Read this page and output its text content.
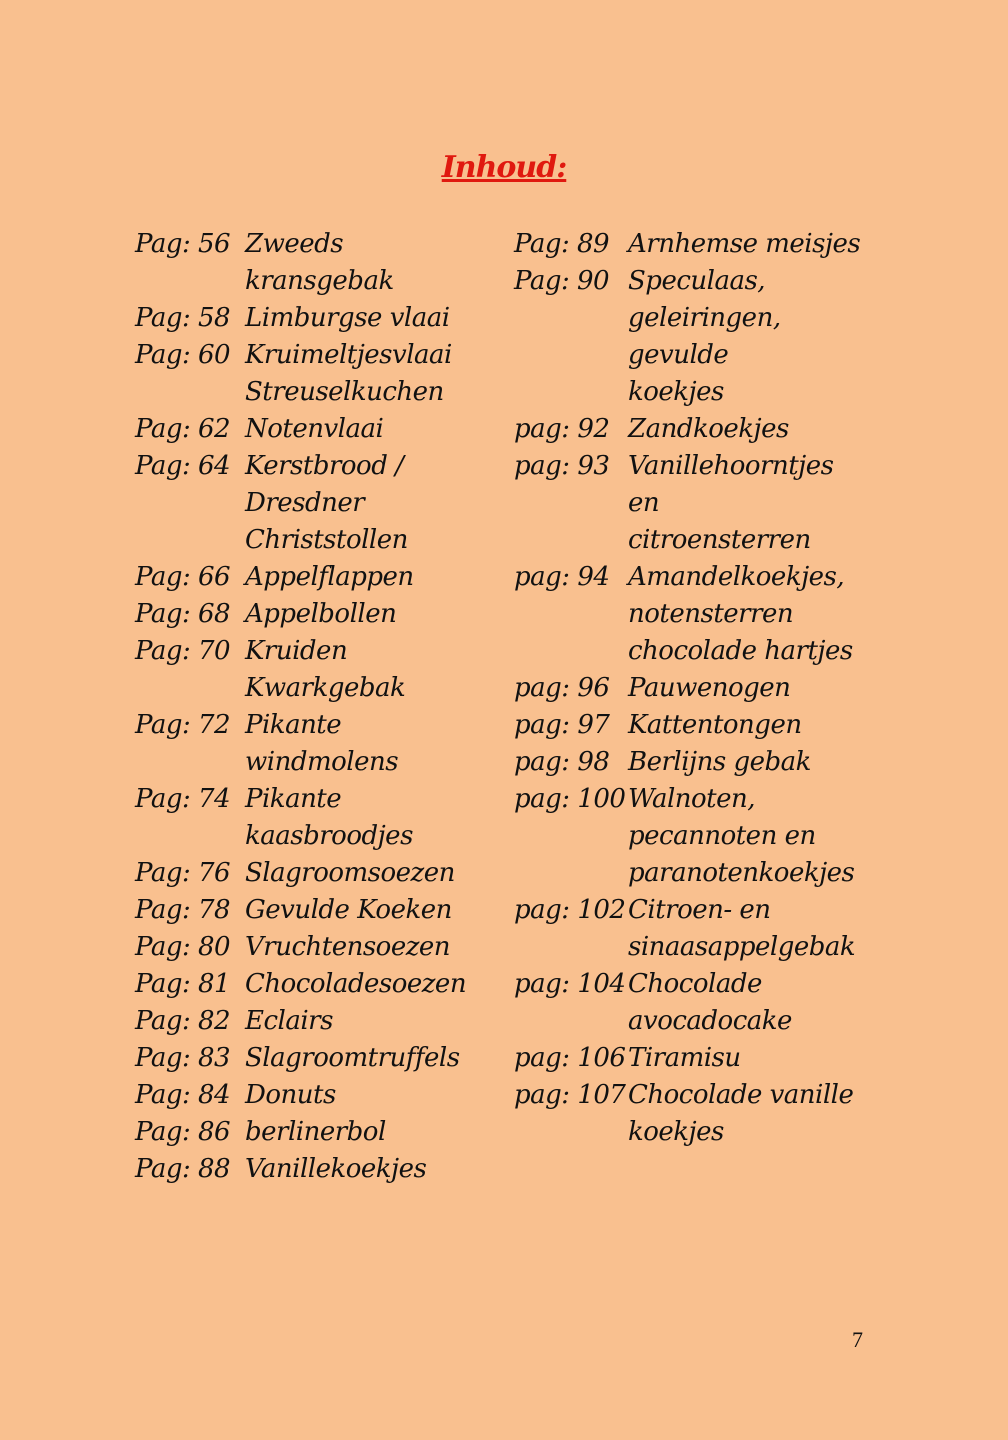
Inhoud:
Pag: 56 Zweeds kransgebak
Pag: 58 Limburgse vlaai
Pag: 60 Kruimeltjesvlaai
Streuselkuchen
Pag: 62 Notenvlaai
Pag: 64 Kerstbrood /
Dresdner
Christstollen
Pag: 66 Appelflappen
Pag: 68 Appelbollen
Pag: 70 Kruiden
Kwarkgebak
Pag: 72 Pikante windmolens
Pag: 74 Pikante
kaasbroodjes
Pag: 76 Slagroomsoezen
Pag: 78 Gevulde Koeken
Pag: 80 Vruchtensoezen
Pag: 81 Chocoladesoezen
Pag: 82 Eclairs
Pag: 83 Slagroomtruffels
Pag: 84 Donuts
Pag: 86 berlinerbol
Pag: 88 Vanillekoekjes
Pag: 89 Arnhemse meisjes
Pag: 90 Speculaas,
geleiringen, gevulde
koekjes
pag: 92 Zandkoekjes
pag: 93 Vanillehoorntjes en
citroensterren
pag: 94 Amandelkoekjes,
notensterren
chocolade hartjes
pag: 96 Pauwenogen
pag: 97 Kattentongen
pag: 98 Berlijns gebak
pag: 100 Walnoten,
pecannoten en
paranotenkoekjes
pag: 102 Citroen- en
sinaasappelgebak
pag: 104 Chocolade
avocadocake
pag: 106 Tiramisu
pag: 107 Chocolade vanille
koekjes
7
